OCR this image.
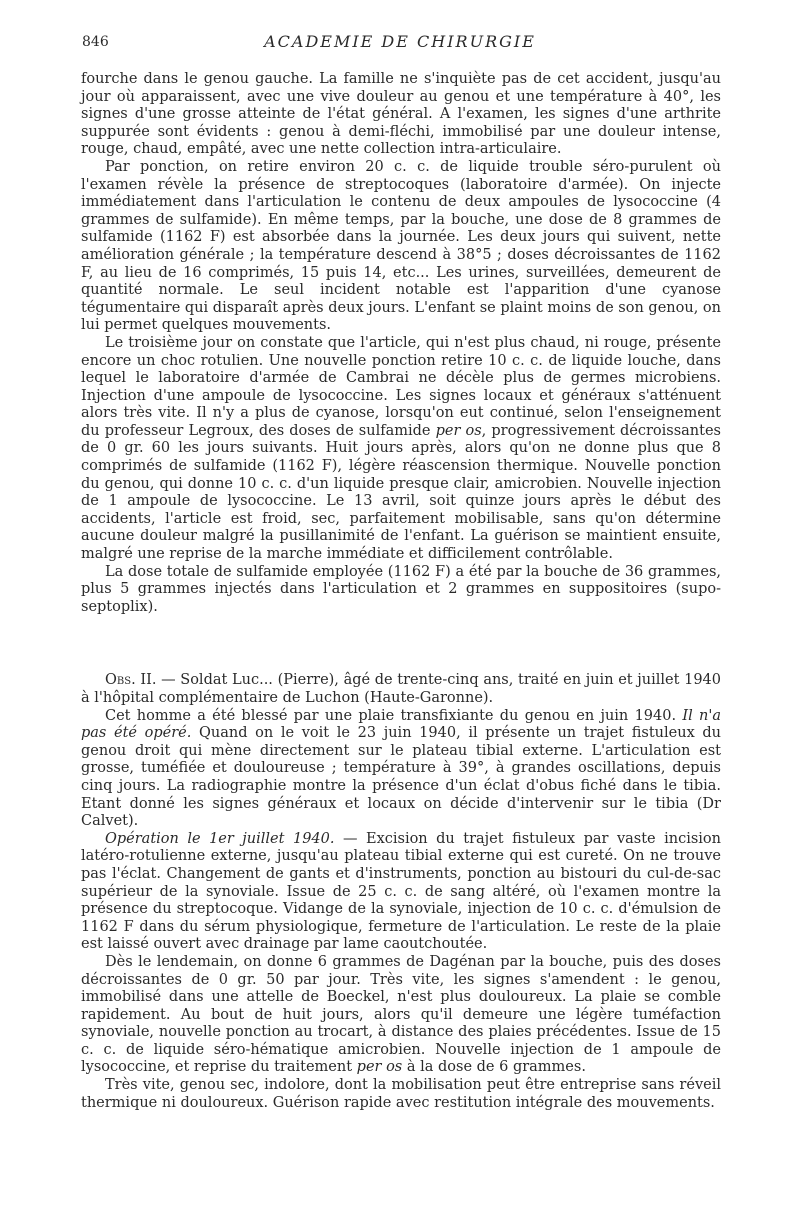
846	ACADEMIE DE CHIRURGIE

fourche dans le genou gauche. La famille ne s'inquiète pas de cet accident, jusqu'au jour où apparaissent, avec une vive douleur au genou et une température à 40°, les signes d'une grosse atteinte de l'état général. A l'examen, les signes d'une arthrite suppurée sont évidents : genou à demi-fléchi, immobilisé par une douleur intense, rouge, chaud, empâté, avec une nette collection intra-articulaire.

Par ponction, on retire environ 20 c. c. de liquide trouble séro-purulent où l'examen révèle la présence de streptocoques (laboratoire d'armée). On injecte immédiatement dans l'articulation le contenu de deux ampoules de lysococcine (4 grammes de sulfamide). En même temps, par la bouche, une dose de 8 grammes de sulfamide (1162 F) est absorbée dans la journée. Les deux jours qui suivent, nette amélioration générale ; la température descend à 38°5 ; doses décroissantes de 1162 F, au lieu de 16 comprimés, 15 puis 14, etc... Les urines, surveillées, demeurent de quantité normale. Le seul incident notable est l'apparition d'une cyanose tégumentaire qui disparaît après deux jours. L'enfant se plaint moins de son genou, on lui permet quelques mouvements.

Le troisième jour on constate que l'article, qui n'est plus chaud, ni rouge, présente encore un choc rotulien. Une nouvelle ponction retire 10 c. c. de liquide louche, dans lequel le laboratoire d'armée de Cambrai ne décèle plus de germes microbiens. Injection d'une ampoule de lysococcine. Les signes locaux et généraux s'atténuent alors très vite. Il n'y a plus de cyanose, lorsqu'on eut continué, selon l'enseignement du professeur Legroux, des doses de sulfamide per os, progressivement décroissantes de 0 gr. 60 les jours suivants. Huit jours après, alors qu'on ne donne plus que 8 comprimés de sulfamide (1162 F), légère réascension thermique. Nouvelle ponction du genou, qui donne 10 c. c. d'un liquide presque clair, amicrobien. Nouvelle injection de 1 ampoule de lysococcine. Le 13 avril, soit quinze jours après le début des accidents, l'article est froid, sec, parfaitement mobilisable, sans qu'on détermine aucune douleur malgré la pusillanimité de l'enfant. La guérison se maintient ensuite, malgré une reprise de la marche immédiate et difficilement contrôlable.

La dose totale de sulfamide employée (1162 F) a été par la bouche de 36 grammes, plus 5 grammes injectés dans l'articulation et 2 grammes en suppositoires (supo-septoplix).

Obs. II. — Soldat Luc... (Pierre), âgé de trente-cinq ans, traité en juin et juillet 1940 à l'hôpital complémentaire de Luchon (Haute-Garonne).

Cet homme a été blessé par une plaie transfixiante du genou en juin 1940. Il n'a pas été opéré. Quand on le voit le 23 juin 1940, il présente un trajet fistuleux du genou droit qui mène directement sur le plateau tibial externe. L'articulation est grosse, tuméfiée et douloureuse ; température à 39°, à grandes oscillations, depuis cinq jours. La radiographie montre la présence d'un éclat d'obus fiché dans le tibia. Etant donné les signes généraux et locaux on décide d'intervenir sur le tibia (Dr Calvet).

Opération le 1er juillet 1940. — Excision du trajet fistuleux par vaste incision latéro-rotulienne externe, jusqu'au plateau tibial externe qui est cureté. On ne trouve pas l'éclat. Changement de gants et d'instruments, ponction au bistouri du cul-de-sac supérieur de la synoviale. Issue de 25 c. c. de sang altéré, où l'examen montre la présence du streptocoque. Vidange de la synoviale, injection de 10 c. c. d'émulsion de 1162 F dans du sérum physiologique, fermeture de l'articulation. Le reste de la plaie est laissé ouvert avec drainage par lame caoutchoutée.

Dès le lendemain, on donne 6 grammes de Dagénan par la bouche, puis des doses décroissantes de 0 gr. 50 par jour. Très vite, les signes s'amendent : le genou, immobilisé dans une attelle de Boeckel, n'est plus douloureux. La plaie se comble rapidement. Au bout de huit jours, alors qu'il demeure une légère tuméfaction synoviale, nouvelle ponction au trocart, à distance des plaies précédentes. Issue de 15 c. c. de liquide séro-hématique amicrobien. Nouvelle injection de 1 ampoule de lysococcine, et reprise du traitement per os à la dose de 6 grammes.

Très vite, genou sec, indolore, dont la mobilisation peut être entreprise sans réveil thermique ni douloureux. Guérison rapide avec restitution intégrale des mouvements.
